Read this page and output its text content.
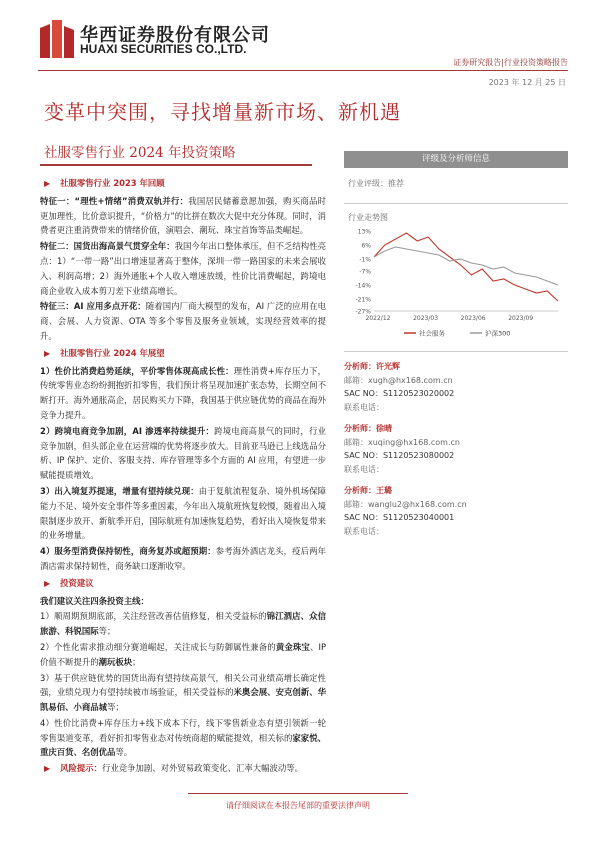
华西证券股份有限公司
HUAXI SECURITIES CO.,LTD.
证券研究报告|行业投资策略报告
2023 年 12 月 25 日
变革中突围，寻找增量新市场、新机遇
社服零售行业 2024 年投资策略
▶ 社服零售行业 2023 年回顾
特征一：“理性+情绪”消费双轨并行：我国居民储蓄意愿加强，购买商品时更加理性，比价意识提升，“价格力”的比拼在数次大促中充分体现。同时，消费者更注重消费带来的情绪价值，演唱会、潮玩、珠宝首饰等品类崛起。
特征二：国货出海高景气贯穿全年：我国今年出口整体承压，但不乏结构性亮点：1）“一带一路”出口增速显著高于整体，深圳一带一路国家的未来会展收入、利润高增；2）海外通胀+个人收入增速放缓，性价比消费崛起，跨境电商企业收入成本剪刀差下业绩高增长。
特征三：AI 应用多点开花：随着国内厂商大模型的发布，AI 广泛的应用在电商、会展、人力资源、OTA 等多个零售及服务业领域，实现经营效率的提升。
▶ 社服零售行业 2024 年展望
1）性价比消费趋势延续，平价零售体现高成长性：理性消费+库存压力下，传统零售业态纷纷拥抱折扣零售，我们预计将呈现加速扩张态势，长期空间不断打开。海外通胀高企，居民购买力下降，我国基于供应链优势的商品在海外竞争力提升。
2）跨境电商竞争加剧，AI 渗透率持续提升：跨境电商高景气的同时，行业竞争加剧，但头部企业在运营端的优势将逐步放大。目前亚马逊已上线选品分析、IP 保护、定价、客服支持、库存管理等多个方面的 AI 应用，有望进一步赋能提质增效。
3）出入境复苏提速，增量有望持续兑现：由于复航流程复杂、境外机场保障能力不足、境外安全事件等多重因素，今年出入境航班恢复较慢，随着出入境限制逐步放开、新航季开启，国际航班有加速恢复趋势，看好出入境恢复带来的业务增量。
4）服务型消费保持韧性，商务复苏或超预期：参考海外酒店龙头，疫后两年酒店需求保持韧性，商务缺口逐渐收窄。
▶ 投资建议
我们建议关注四条投资主线：
1）顺周期预期底部，关注经营改善估值修复，相关受益标的锦江酒店、众信旅游、科锐国际等；
2）个性化需求推动细分赛道崛起，关注成长与防御属性兼备的黄金珠宝、IP 价值不断提升的潮玩板块；
3）基于供应链优势的国货出海有望持续高景气，相关公司业绩高增长确定性强，业绩兑现力有望持续被市场验证，相关受益标的米奥会展、安克创新、华凯易佰、小商品城等；
4）性价比消费+库存压力+线下成本下行，线下零售新业态有望引领新一轮零售渠道变革，看好折扣零售业态对传统商超的赋能提效，相关标的家家悦、重庆百货、名创优品等。
▶ 风险提示：行业竞争加剧、对外贸易政策变化、汇率大幅波动等。
评级及分析师信息
行业评级：推荐
行业走势图
13%
6%
-1%
-7%
-14%
-21%
-27%
2022/12	2023/03	2023/06	2023/09
社会服务	沪深300
分析师：许光辉
邮箱：xugh@hx168.com.cn
SAC NO：S1120523020002
联系电话：
分析师：徐晴
邮箱：xuqing@hx168.com.cn
SAC NO：S1120523080002
联系电话：
分析师：王璐
邮箱：wanglu2@hx168.com.cn
SAC NO：S1120523040001
联系电话：
请仔细阅读在本报告尾部的重要法律声明
